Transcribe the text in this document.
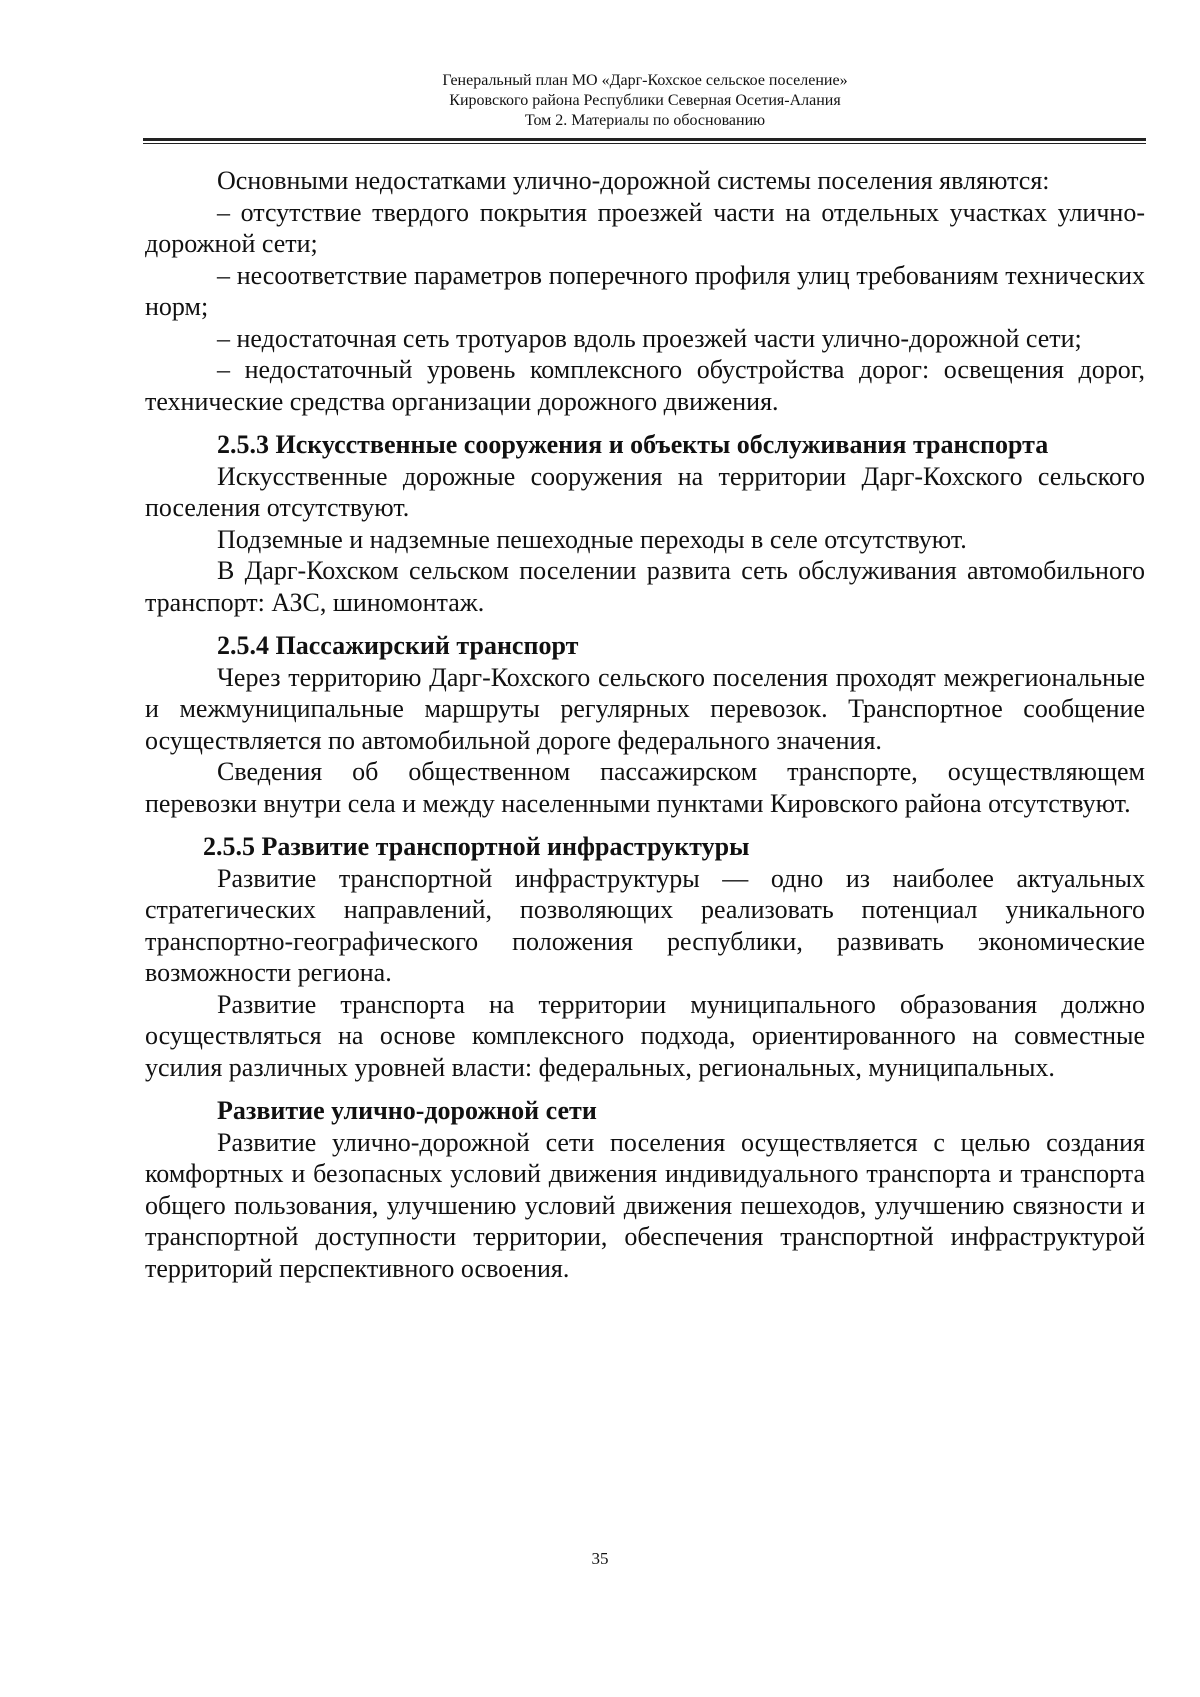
Генеральный план МО «Дарг-Кохское сельское поселение»
Кировского района Республики Северная Осетия-Алания
Том 2. Материалы по обоснованию

Основными недостатками улично-дорожной системы поселения являются:

– отсутствие твердого покрытия проезжей части на отдельных участках улично-дорожной сети;

– несоответствие параметров поперечного профиля улиц требованиям технических норм;

– недостаточная сеть тротуаров вдоль проезжей части улично-дорожной сети;

– недостаточный уровень комплексного обустройства дорог: освещения дорог, технические средства организации дорожного движения.

2.5.3 Искусственные сооружения и объекты обслуживания транспорта

Искусственные дорожные сооружения на территории Дарг-Кохского сельского поселения отсутствуют.

Подземные и надземные пешеходные переходы в селе отсутствуют.

В Дарг-Кохском сельском поселении развита сеть обслуживания автомобильного транспорт: АЗС, шиномонтаж.

2.5.4 Пассажирский транспорт

Через территорию Дарг-Кохского сельского поселения проходят межрегиональные и межмуниципальные маршруты регулярных перевозок. Транспортное сообщение осуществляется по автомобильной дороге федерального значения.

Сведения об общественном пассажирском транспорте, осуществляющем перевозки внутри села и между населенными пунктами Кировского района отсутствуют.

2.5.5 Развитие транспортной инфраструктуры

Развитие транспортной инфраструктуры — одно из наиболее актуальных стратегических направлений, позволяющих реализовать потенциал уникального транспортно-географического положения республики, развивать экономические возможности региона.

Развитие транспорта на территории муниципального образования должно осуществляться на основе комплексного подхода, ориентированного на совместные усилия различных уровней власти: федеральных, региональных, муниципальных.

Развитие улично-дорожной сети

Развитие улично-дорожной сети поселения осуществляется с целью создания комфортных и безопасных условий движения индивидуального транспорта и транспорта общего пользования, улучшению условий движения пешеходов, улучшению связности и транспортной доступности территории, обеспечения транспортной инфраструктурой территорий перспективного освоения.

35
